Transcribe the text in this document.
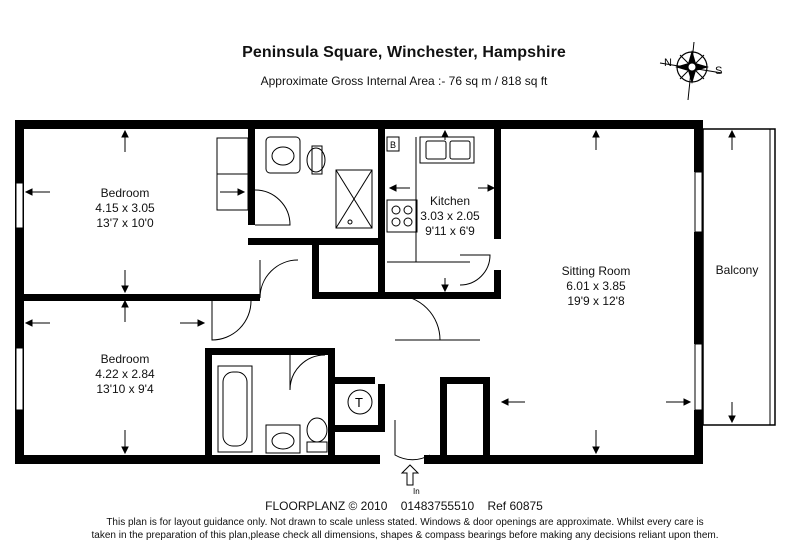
Peninsula Square, Winchester, Hampshire
Approximate Gross Internal Area :- 76 sq m / 818 sq ft
N
S
B
T
In
Bedroom
4.15 x 3.05
13'7 x 10'0
Bedroom
4.22 x 2.84
13'10 x 9'4
Kitchen
3.03 x 2.05
9'11 x 6'9
Sitting Room
6.01 x 3.85
19'9 x 12'8
Balcony
FLOORPLANZ © 2010    01483755510    Ref 60875
This plan is for layout guidance only. Not drawn to scale unless stated. Windows & door openings are approximate. Whilst every care is
taken in the preparation of this plan,please check all dimensions, shapes & compass bearings before making any decisions reliant upon them.
